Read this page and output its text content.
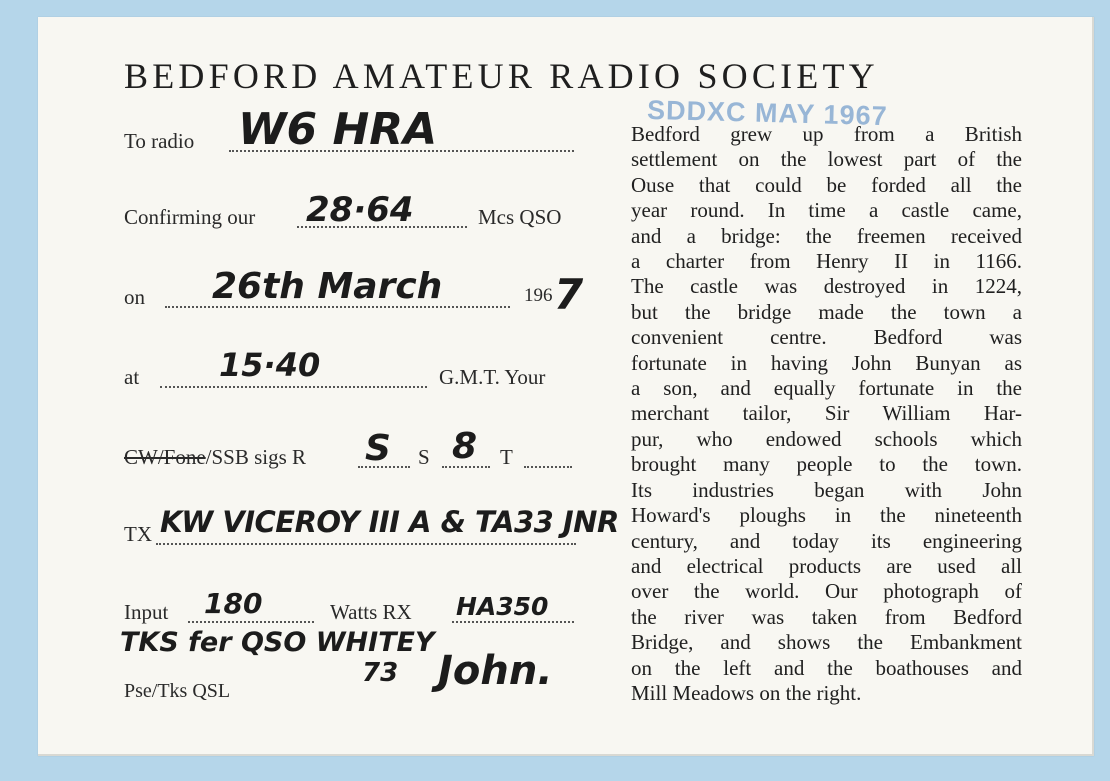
BEDFORD AMATEUR RADIO SOCIETY
SDDXC MAY 1967
To radio W6 HRA
Confirming our 28·64	Mcs QSO
on 26th March	196 7
at 15·40	G.M.T. Your
CW/Fone/SSB sigs R S S 8 T
TX KW VICEROY III A & TA33 JNR
Input 180	Watts RX HA350
TKS fer QSO WHITEY
73 John.
Pse/Tks QSL
Bedford grew up from a British
settlement on the lowest part of the
Ouse that could be forded all the
year round. In time a castle came,
and a bridge: the freemen received
a charter from Henry II in 1166.
The castle was destroyed in 1224,
but the bridge made the town a
convenient centre. Bedford was
fortunate in having John Bunyan as
a son, and equally fortunate in the
merchant tailor, Sir William Har-
pur, who endowed schools which
brought many people to the town.
Its industries began with John
Howard's ploughs in the nineteenth
century, and today its engineering
and electrical products are used all
over the world. Our photograph of
the river was taken from Bedford
Bridge, and shows the Embankment
on the left and the boathouses and
Mill Meadows on the right.
